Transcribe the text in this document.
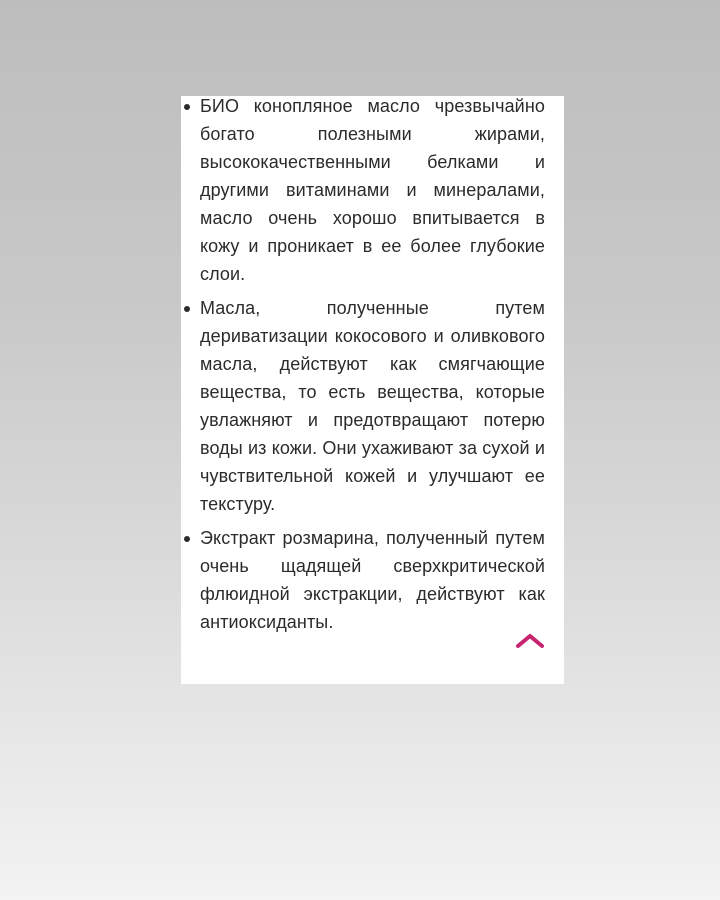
БИО конопляное масло чрезвычайно богато полезными жирами, высококачественными белками и другими витаминами и минералами, масло очень хорошо впитывается в кожу и проникает в ее более глубокие слои.
Масла, полученные путем дериватизации кокосового и оливкового масла, действуют как смягчающие вещества, то есть вещества, которые увлажняют и предотвращают потерю воды из кожи. Они ухаживают за сухой и чувствительной кожей и улучшают ее текстуру.
Экстракт розмарина, полученный путем очень щадящей сверхкритической флюидной экстракции, действуют как антиоксиданты.
